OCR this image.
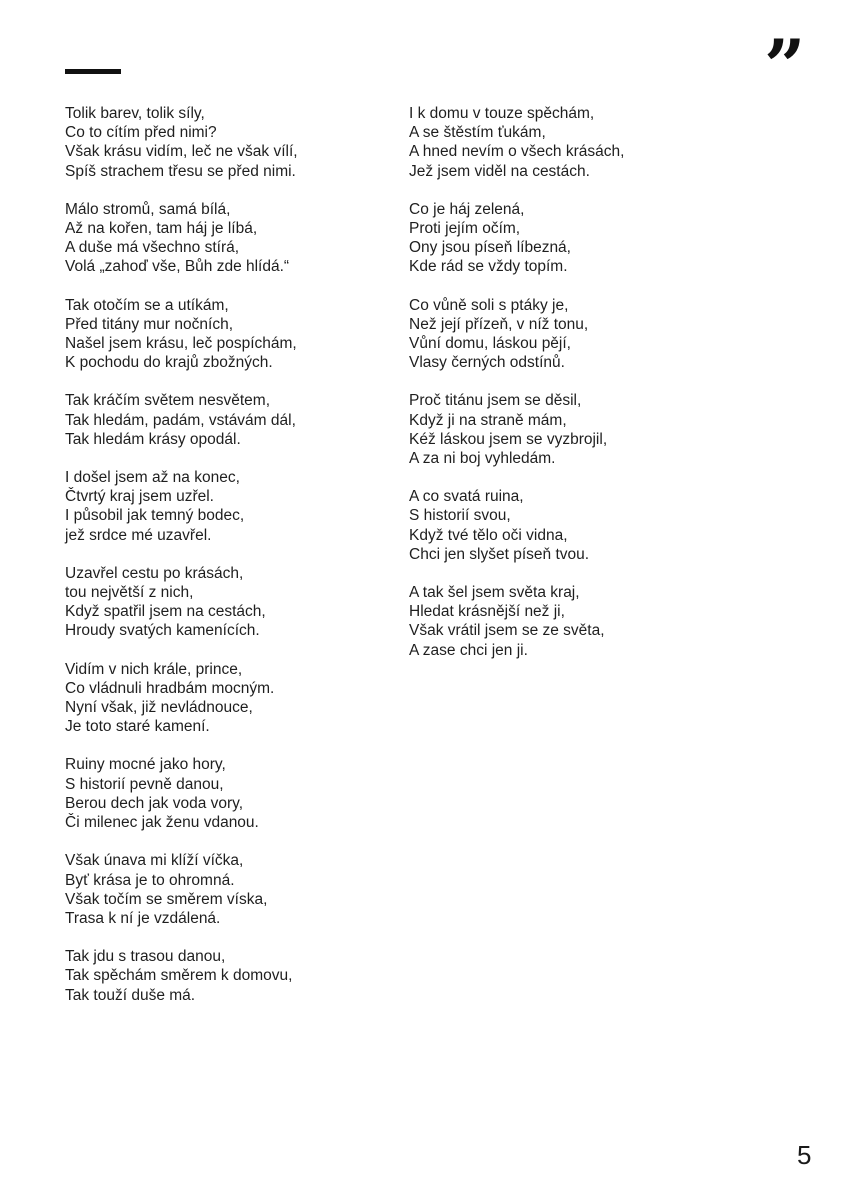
”
Tolik barev, tolik síly,
Co to cítím před nimi?
Však krásu vidím, leč ne však vílí,
Spíš strachem třesu se před nimi.
Málo stromů, samá bílá,
Až na kořen, tam háj je líbá,
A duše má všechno stírá,
Volá „zahoď vše, Bůh zde hlídá.“
Tak otočím se a utíkám,
Před titány mur nočních,
Našel jsem krásu, leč pospíchám,
K pochodu do krajů zbožných.
Tak kráčím světem nesvětem,
Tak hledám, padám, vstávám dál,
Tak hledám krásy opodál.
I došel jsem až na konec,
Čtvrtý kraj jsem uzřel.
I působil jak temný bodec,
jež srdce mé uzavřel.
Uzavřel cestu po krásách,
tou největší z nich,
Když spatřil jsem na cestách,
Hroudy svatých kamenících.
Vidím v nich krále, prince,
Co vládnuli hradbám mocným.
Nyní však, již nevládnouce,
Je toto staré kamení.
Ruiny mocné jako hory,
S historií pevně danou,
Berou dech jak voda vory,
Či milenec jak ženu vdanou.
Však únava mi klíží víčka,
Byť krása je to ohromná.
Však točím se směrem víska,
Trasa k ní je vzdálená.
Tak jdu s trasou danou,
Tak spěchám směrem k domovu,
Tak touží duše má.
I k domu v touze spěchám,
A se štěstím ťukám,
A hned nevím o všech krásách,
Jež jsem viděl na cestách.
Co je háj zelená,
Proti jejím očím,
Ony jsou píseň líbezná,
Kde rád se vždy topím.
Co vůně soli s ptáky je,
Než její přízeň, v níž tonu,
Vůní domu, láskou pějí,
Vlasy černých odstínů.
Proč titánu jsem se děsil,
Když ji na straně mám,
Kéž láskou jsem se vyzbrojil,
A za ni boj vyhledám.
A co svatá ruina,
S historií svou,
Když tvé tělo oči vidna,
Chci jen slyšet píseň tvou.
A tak šel jsem světa kraj,
Hledat krásnější než ji,
Však vrátil jsem se ze světa,
A zase chci jen ji.
5
